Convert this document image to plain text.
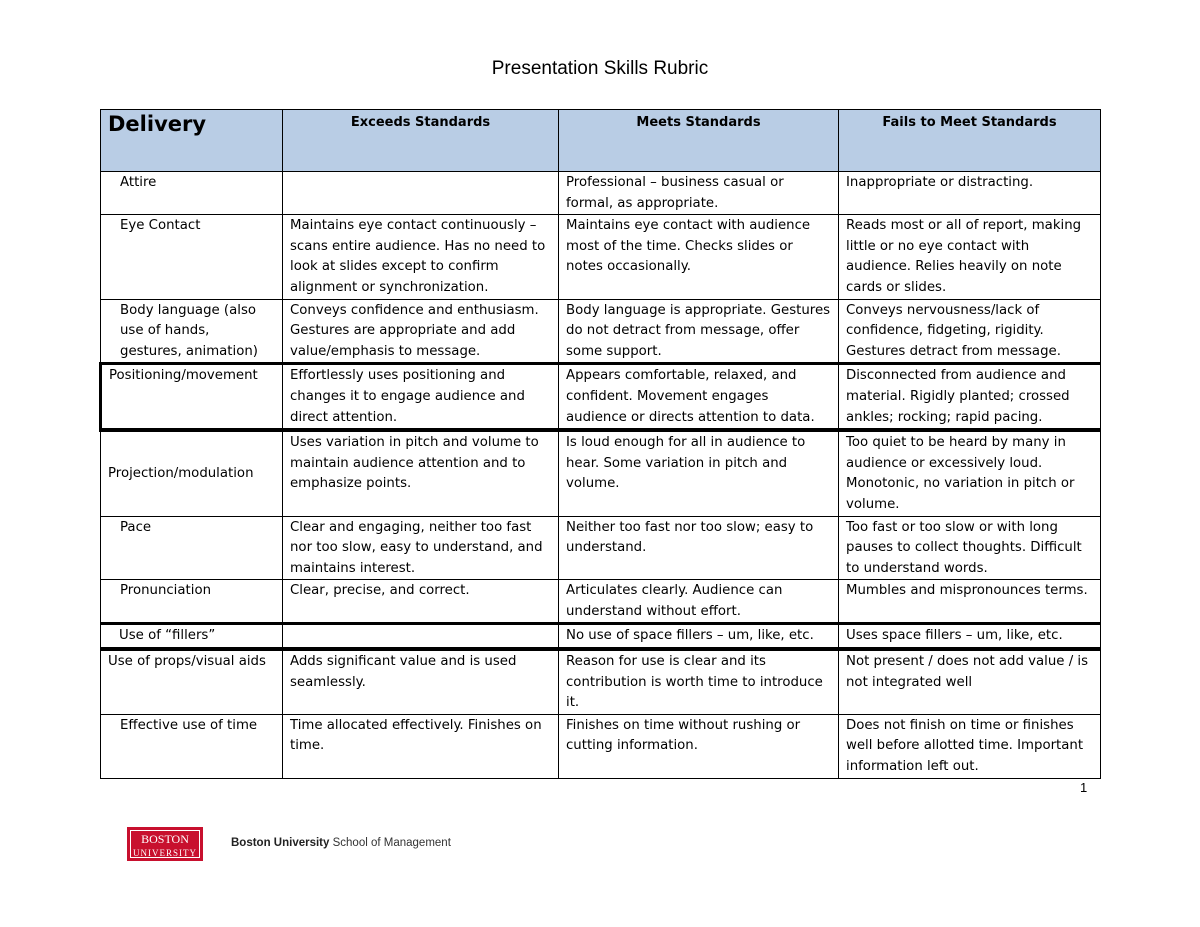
Presentation Skills Rubric
Delivery	Exceeds Standards	Meets Standards	Fails to Meet Standards
Attire		Professional – business casual or formal, as appropriate.	Inappropriate or distracting.
Eye Contact	Maintains eye contact continuously – scans entire audience. Has no need to look at slides except to confirm alignment or synchronization.	Maintains eye contact with audience most of the time. Checks slides or notes occasionally.	Reads most or all of report, making little or no eye contact with audience. Relies heavily on note cards or slides.
Body language (also use of hands, gestures, animation)	Conveys confidence and enthusiasm. Gestures are appropriate and add value/emphasis to message.	Body language is appropriate. Gestures do not detract from message, offer some support.	Conveys nervousness/lack of confidence, fidgeting, rigidity. Gestures detract from message.
Positioning/movement	Effortlessly uses positioning and changes it to engage audience and direct attention.	Appears comfortable, relaxed, and confident. Movement engages audience or directs attention to data.	Disconnected from audience and material. Rigidly planted; crossed ankles; rocking; rapid pacing.
Projection/modulation	Uses variation in pitch and volume to maintain audience attention and to emphasize points.	Is loud enough for all in audience to hear. Some variation in pitch and volume.	Too quiet to be heard by many in audience or excessively loud. Monotonic, no variation in pitch or volume.
Pace	Clear and engaging, neither too fast nor too slow, easy to understand, and maintains interest.	Neither too fast nor too slow; easy to understand.	Too fast or too slow or with long pauses to collect thoughts. Difficult to understand words.
Pronunciation	Clear, precise, and correct.	Articulates clearly. Audience can understand without effort.	Mumbles and mispronounces terms.
Use of “fillers”		No use of space fillers – um, like, etc.	Uses space fillers – um, like, etc.
Use of props/visual aids	Adds significant value and is used seamlessly.	Reason for use is clear and its contribution is worth time to introduce it.	Not present / does not add value / is not integrated well
Effective use of time	Time allocated effectively. Finishes on time.	Finishes on time without rushing or cutting information.	Does not finish on time or finishes well before allotted time. Important information left out.
1
BOSTON
UNIVERSITY
Boston University School of Management
